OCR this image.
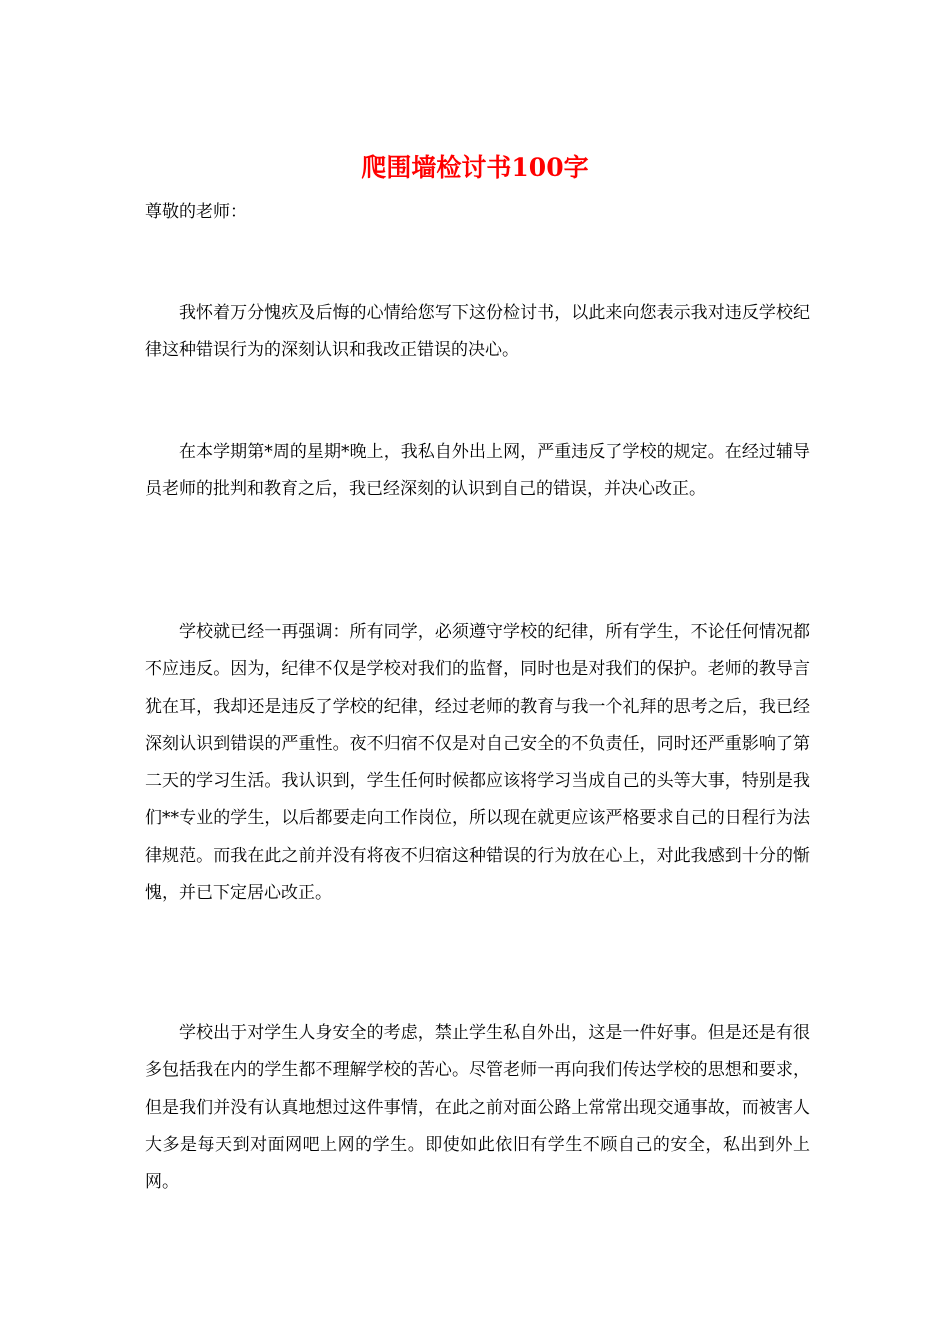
爬围墙检讨书100字

尊敬的老师：

我怀着万分愧疚及后悔的心情给您写下这份检讨书，以此来向您表示我对违反学校纪律这种错误行为的深刻认识和我改正错误的决心。

在本学期第*周的星期*晚上，我私自外出上网，严重违反了学校的规定。在经过辅导员老师的批判和教育之后，我已经深刻的认识到自己的错误，并决心改正。

学校就已经一再强调：所有同学，必须遵守学校的纪律，所有学生，不论任何情况都不应违反。因为，纪律不仅是学校对我们的监督，同时也是对我们的保护。老师的教导言犹在耳，我却还是违反了学校的纪律，经过老师的教育与我一个礼拜的思考之后，我已经深刻认识到错误的严重性。夜不归宿不仅是对自己安全的不负责任，同时还严重影响了第二天的学习生活。我认识到，学生任何时候都应该将学习当成自己的头等大事，特别是我们**专业的学生，以后都要走向工作岗位，所以现在就更应该严格要求自己的日程行为法律规范。而我在此之前并没有将夜不归宿这种错误的行为放在心上，对此我感到十分的惭愧，并已下定居心改正。

学校出于对学生人身安全的考虑，禁止学生私自外出，这是一件好事。但是还是有很多包括我在内的学生都不理解学校的苦心。尽管老师一再向我们传达学校的思想和要求，但是我们并没有认真地想过这件事情，在此之前对面公路上常常出现交通事故，而被害人大多是每天到对面网吧上网的学生。即使如此依旧有学生不顾自己的安全，私出到外上网。
